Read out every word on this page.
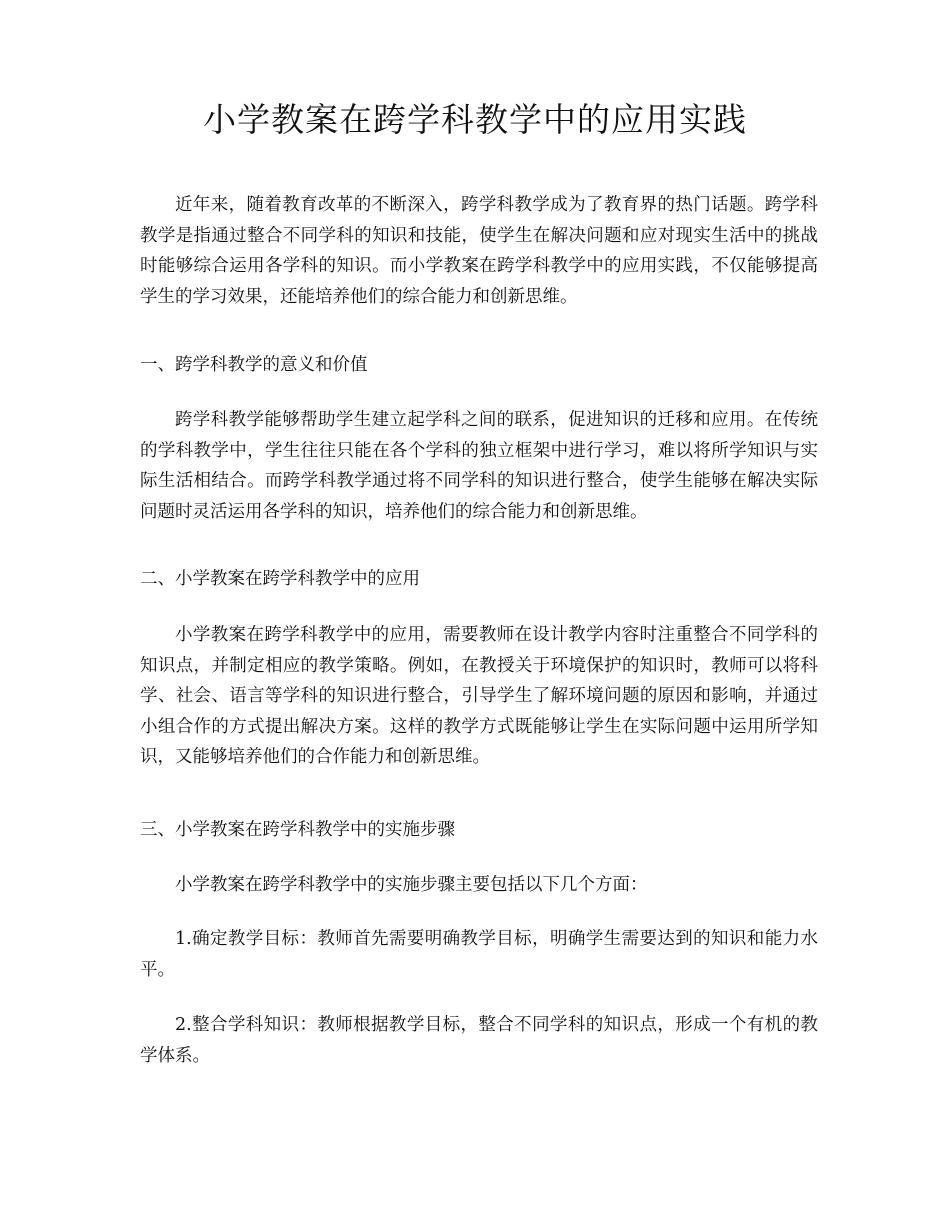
小学教案在跨学科教学中的应用实践

近年来，随着教育改革的不断深入，跨学科教学成为了教育界的热门话题。跨学科教学是指通过整合不同学科的知识和技能，使学生在解决问题和应对现实生活中的挑战时能够综合运用各学科的知识。而小学教案在跨学科教学中的应用实践，不仅能够提高学生的学习效果，还能培养他们的综合能力和创新思维。

一、跨学科教学的意义和价值

跨学科教学能够帮助学生建立起学科之间的联系，促进知识的迁移和应用。在传统的学科教学中，学生往往只能在各个学科的独立框架中进行学习，难以将所学知识与实际生活相结合。而跨学科教学通过将不同学科的知识进行整合，使学生能够在解决实际问题时灵活运用各学科的知识，培养他们的综合能力和创新思维。

二、小学教案在跨学科教学中的应用

小学教案在跨学科教学中的应用，需要教师在设计教学内容时注重整合不同学科的知识点，并制定相应的教学策略。例如，在教授关于环境保护的知识时，教师可以将科学、社会、语言等学科的知识进行整合，引导学生了解环境问题的原因和影响，并通过小组合作的方式提出解决方案。这样的教学方式既能够让学生在实际问题中运用所学知识，又能够培养他们的合作能力和创新思维。

三、小学教案在跨学科教学中的实施步骤

小学教案在跨学科教学中的实施步骤主要包括以下几个方面：

1.确定教学目标：教师首先需要明确教学目标，明确学生需要达到的知识和能力水平。

2.整合学科知识：教师根据教学目标，整合不同学科的知识点，形成一个有机的教学体系。
